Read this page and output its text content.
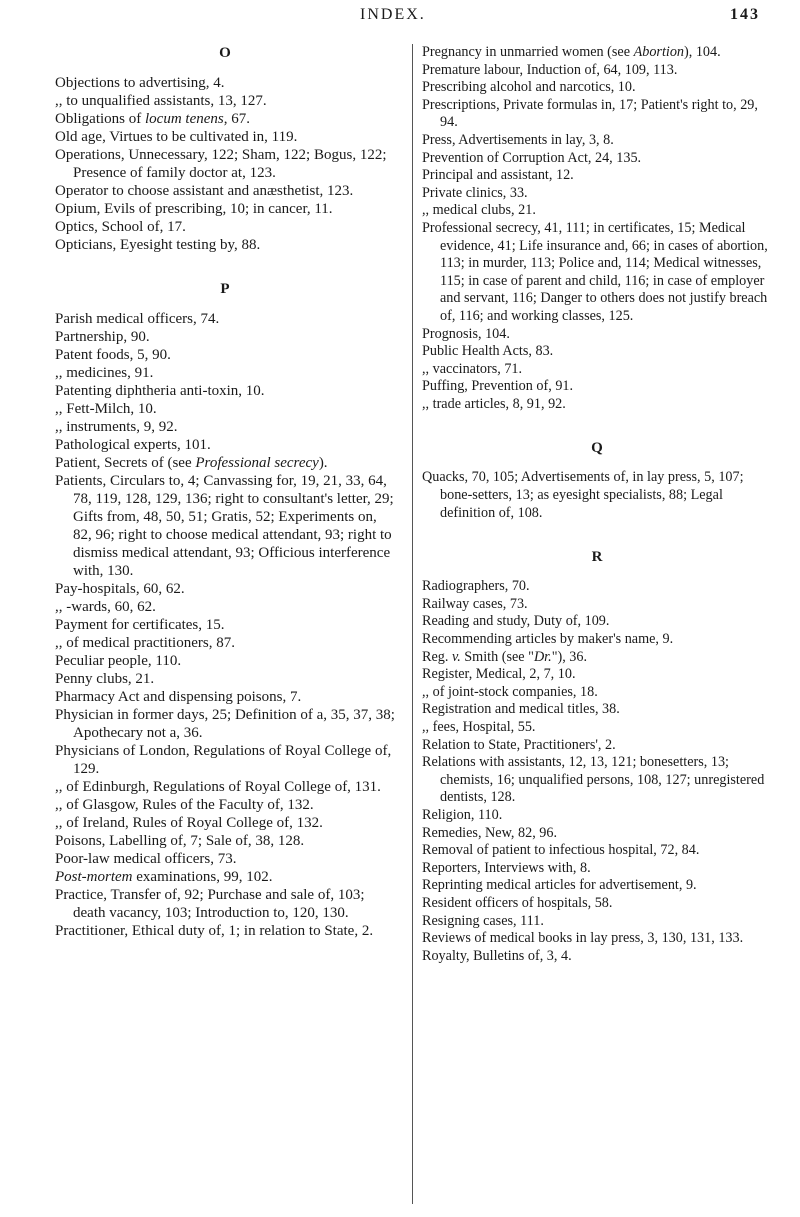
INDEX.	143
O

Objections to advertising, 4.

,, to unqualified assistants, 13, 127.

Obligations of locum tenens, 67.

Old age, Virtues to be cultivated in, 119.

Operations, Unnecessary, 122; Sham, 122; Bogus, 122; Presence of family doctor at, 123.

Operator to choose assistant and anæsthetist, 123.

Opium, Evils of prescribing, 10; in cancer, 11.

Optics, School of, 17.

Opticians, Eyesight testing by, 88.

P

Parish medical officers, 74.

Partnership, 90.

Patent foods, 5, 90.

,, medicines, 91.

Patenting diphtheria anti-toxin, 10.

,, Fett-Milch, 10.

,, instruments, 9, 92.

Pathological experts, 101.

Patient, Secrets of (see Professional secrecy).

Patients, Circulars to, 4; Canvassing for, 19, 21, 33, 64, 78, 119, 128, 129, 136; right to consultant's letter, 29; Gifts from, 48, 50, 51; Gratis, 52; Experiments on, 82, 96; right to choose medical attendant, 93; right to dismiss medical attendant, 93; Officious interference with, 130.

Pay-hospitals, 60, 62.

,, -wards, 60, 62.

Payment for certificates, 15.

,, of medical practitioners, 87.

Peculiar people, 110.

Penny clubs, 21.

Pharmacy Act and dispensing poisons, 7.

Physician in former days, 25; Definition of a, 35, 37, 38; Apothecary not a, 36.

Physicians of London, Regulations of Royal College of, 129.

,, of Edinburgh, Regulations of Royal College of, 131.

,, of Glasgow, Rules of the Faculty of, 132.

,, of Ireland, Rules of Royal College of, 132.

Poisons, Labelling of, 7; Sale of, 38, 128.

Poor-law medical officers, 73.

Post-mortem examinations, 99, 102.

Practice, Transfer of, 92; Purchase and sale of, 103; death vacancy, 103; Introduction to, 120, 130.

Practitioner, Ethical duty of, 1; in relation to State, 2.

Pregnancy in unmarried women (see Abortion), 104.

Premature labour, Induction of, 64, 109, 113.

Prescribing alcohol and narcotics, 10.

Prescriptions, Private formulas in, 17; Patient's right to, 29, 94.

Press, Advertisements in lay, 3, 8.

Prevention of Corruption Act, 24, 135.

Principal and assistant, 12.

Private clinics, 33.

,, medical clubs, 21.

Professional secrecy, 41, 111; in certificates, 15; Medical evidence, 41; Life insurance and, 66; in cases of abortion, 113; in murder, 113; Police and, 114; Medical witnesses, 115; in case of parent and child, 116; in case of employer and servant, 116; Danger to others does not justify breach of, 116; and working classes, 125.

Prognosis, 104.

Public Health Acts, 83.

,, vaccinators, 71.

Puffing, Prevention of, 91.

,, trade articles, 8, 91, 92.

Q

Quacks, 70, 105; Advertisements of, in lay press, 5, 107; bone-setters, 13; as eyesight specialists, 88; Legal definition of, 108.

R

Radiographers, 70.

Railway cases, 73.

Reading and study, Duty of, 109.

Recommending articles by maker's name, 9.

Reg. v. Smith (see "Dr."), 36.

Register, Medical, 2, 7, 10.

,, of joint-stock companies, 18.

Registration and medical titles, 38.

,, fees, Hospital, 55.

Relation to State, Practitioners', 2.

Relations with assistants, 12, 13, 121; bonesetters, 13; chemists, 16; unqualified persons, 108, 127; unregistered dentists, 128.

Religion, 110.

Remedies, New, 82, 96.

Removal of patient to infectious hospital, 72, 84.

Reporters, Interviews with, 8.

Reprinting medical articles for advertisement, 9.

Resident officers of hospitals, 58.

Resigning cases, 111.

Reviews of medical books in lay press, 3, 130, 131, 133.

Royalty, Bulletins of, 3, 4.
